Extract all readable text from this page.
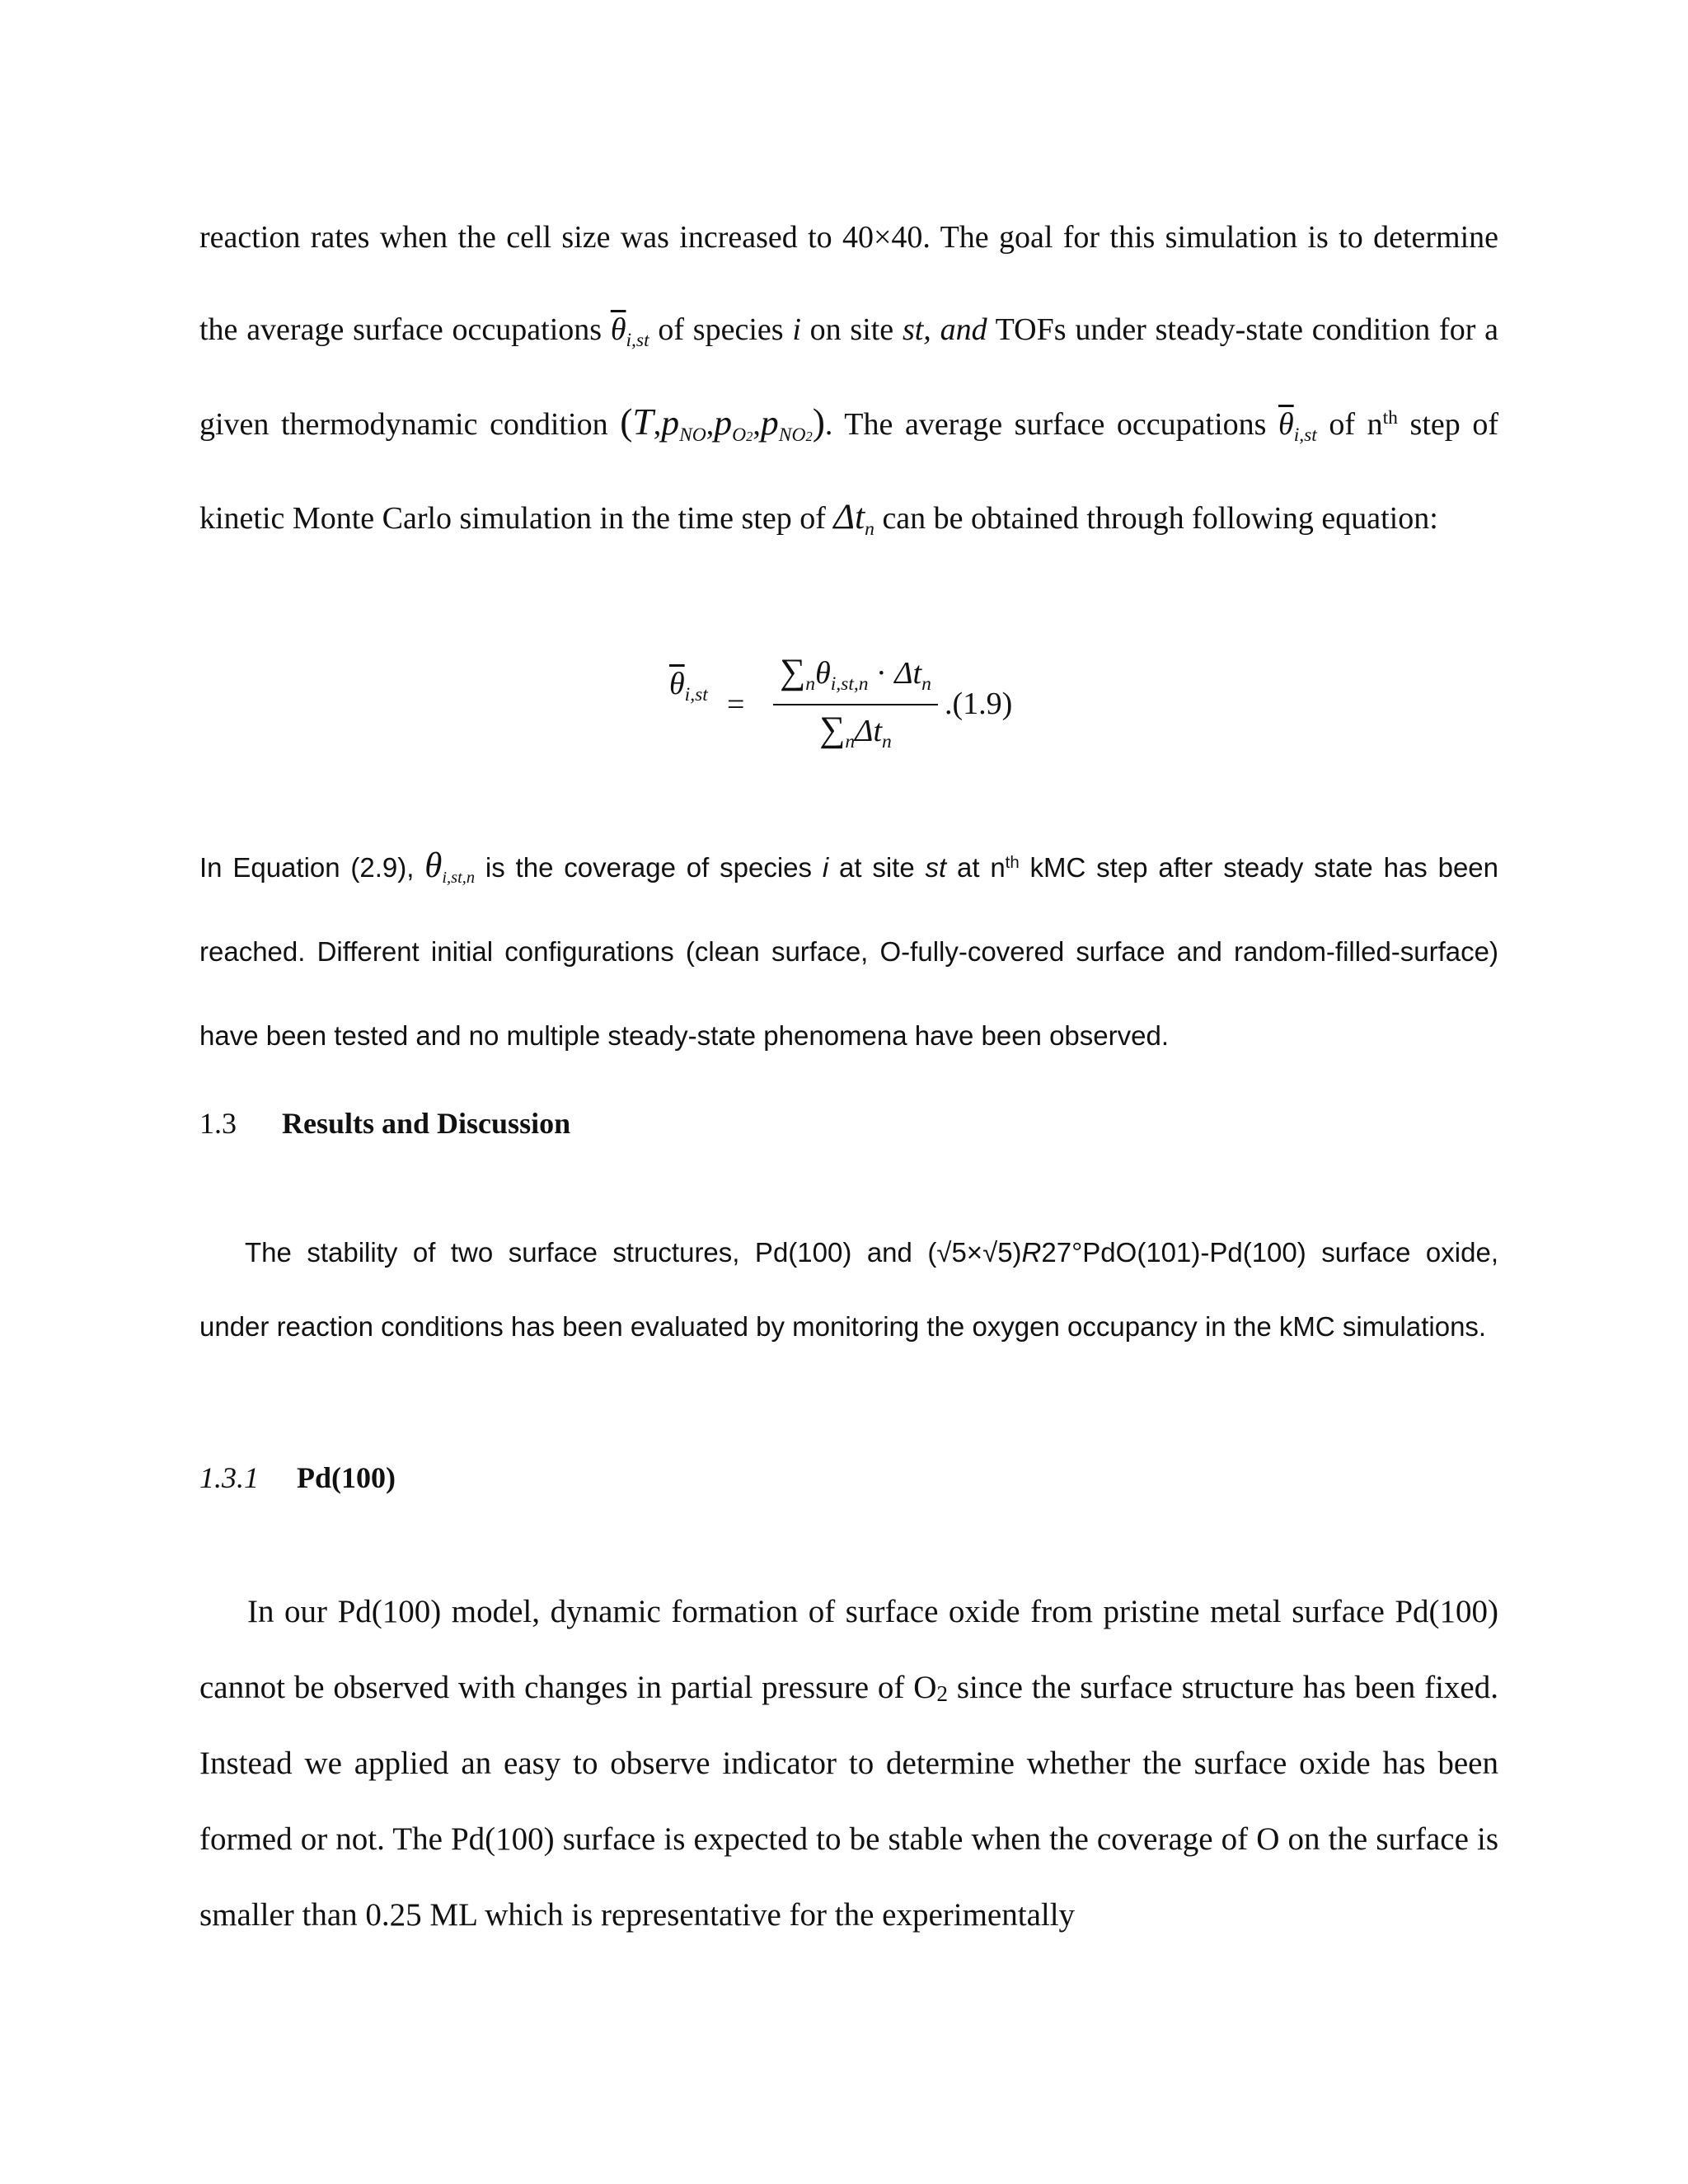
reaction rates when the cell size was increased to 40×40. The goal for this simulation is to determine the average surface occupations $\overline{\theta}_{i,st}$ of species i on site st, and TOFs under steady-state condition for a given thermodynamic condition $(T,p_{NO},p_{O2},p_{NO2})$. The average surface occupations $\overline{\theta}_{i,st}$ of $n^{th}$ step of kinetic Monte Carlo simulation in the time step of $\Delta t_n$ can be obtained through following equation:

$\overline{\theta}_{i,st}$ =
$\sum_n\theta_{i,st,n} \cdot \Delta t_n$
$\sum_n\Delta t_n$
.(1.9)

In Equation (2.9), $\theta_{i,st,n}$ is the coverage of species i at site st at $n^{th}$ kMC step after steady state has been reached. Different initial configurations (clean surface, O-fully-covered surface and random-filled-surface) have been tested and no multiple steady-state phenomena have been observed.

1.3 Results and Discussion

The stability of two surface structures, Pd(100) and (√5×√5)R27°PdO(101)-Pd(100) surface oxide, under reaction conditions has been evaluated by monitoring the oxygen occupancy in the kMC simulations.

1.3.1 Pd(100)

In our Pd(100) model, dynamic formation of surface oxide from pristine metal surface Pd(100) cannot be observed with changes in partial pressure of $O_2$ since the surface structure has been fixed. Instead we applied an easy to observe indicator to determine whether the surface oxide has been formed or not. The Pd(100) surface is expected to be stable when the coverage of O on the surface is smaller than 0.25 ML which is representative for the experimentally
